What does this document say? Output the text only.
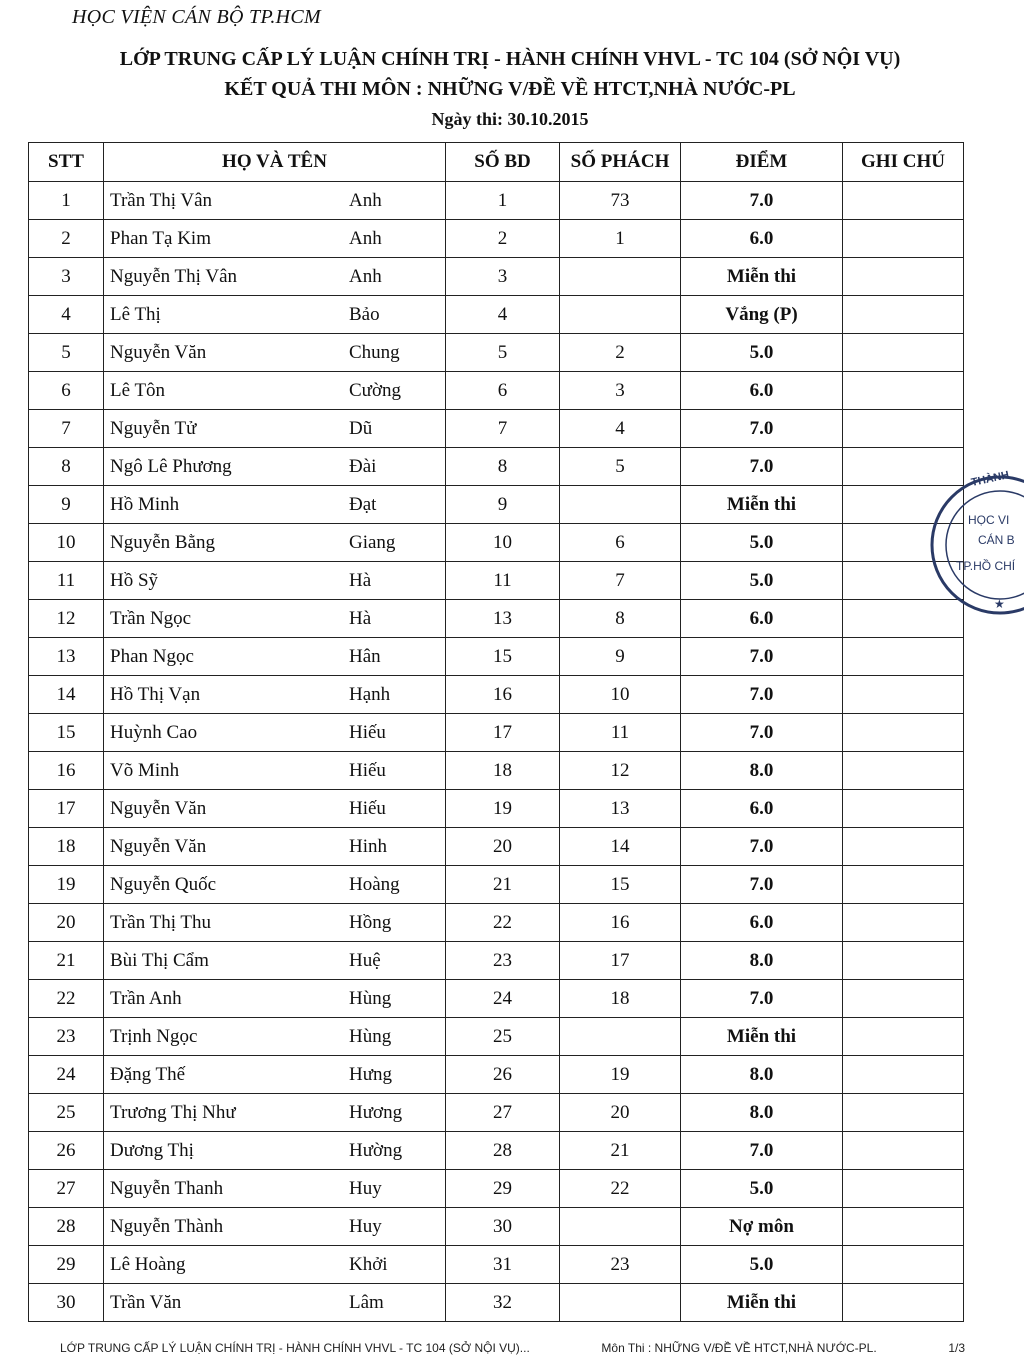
HỌC VIỆN CÁN BỘ TP.HCM
LỚP TRUNG CẤP LÝ LUẬN CHÍNH TRỊ - HÀNH CHÍNH VHVL - TC 104 (SỞ NỘI VỤ)
KẾT QUẢ THI MÔN : NHỮNG V/ĐỀ VỀ HTCT,NHÀ NƯỚC-PL
Ngày thi: 30.10.2015
STT	HỌ VÀ TÊN	SỐ BD	SỐ PHÁCH	ĐIỂM	GHI CHÚ
1	Trần Thị Vân Anh	1	73	7.0	
2	Phan Tạ Kim Anh	2	1	6.0	
3	Nguyễn Thị Vân Anh	3		Miễn thi	
4	Lê Thị Bảo	4		Vắng (P)	
5	Nguyễn Văn Chung	5	2	5.0	
6	Lê Tôn Cường	6	3	6.0	
7	Nguyễn Tử Dũ	7	4	7.0	
8	Ngô Lê Phương Đài	8	5	7.0	
9	Hồ Minh Đạt	9		Miễn thi	
10	Nguyễn Bằng Giang	10	6	5.0	
11	Hồ Sỹ Hà	11	7	5.0	
12	Trần Ngọc Hà	13	8	6.0	
13	Phan Ngọc Hân	15	9	7.0	
14	Hồ Thị Vạn Hạnh	16	10	7.0	
15	Huỳnh Cao Hiếu	17	11	7.0	
16	Võ Minh Hiếu	18	12	8.0	
17	Nguyễn Văn Hiếu	19	13	6.0	
18	Nguyễn Văn Hinh	20	14	7.0	
19	Nguyễn Quốc Hoàng	21	15	7.0	
20	Trần Thị Thu Hồng	22	16	6.0	
21	Bùi Thị Cẩm Huệ	23	17	8.0	
22	Trần Anh Hùng	24	18	7.0	
23	Trịnh Ngọc Hùng	25		Miễn thi	
24	Đặng Thế Hưng	26	19	8.0	
25	Trương Thị Như Hương	27	20	8.0	
26	Dương Thị Hường	28	21	7.0	
27	Nguyễn Thanh Huy	29	22	5.0	
28	Nguyễn Thành Huy	30		Nợ môn	
29	Lê Hoàng Khởi	31	23	5.0	
30	Trần Văn Lâm	32		Miễn thi	
THÀNH
HỌC VI
CÁN B
TP.HỒ CHÍ
★
LỚP TRUNG CẤP LÝ LUẬN CHÍNH TRỊ - HÀNH CHÍNH VHVL - TC 104 (SỞ NỘI VỤ)...	Môn Thi : NHỮNG V/ĐỀ VỀ HTCT,NHÀ NƯỚC-PL.	1/3
